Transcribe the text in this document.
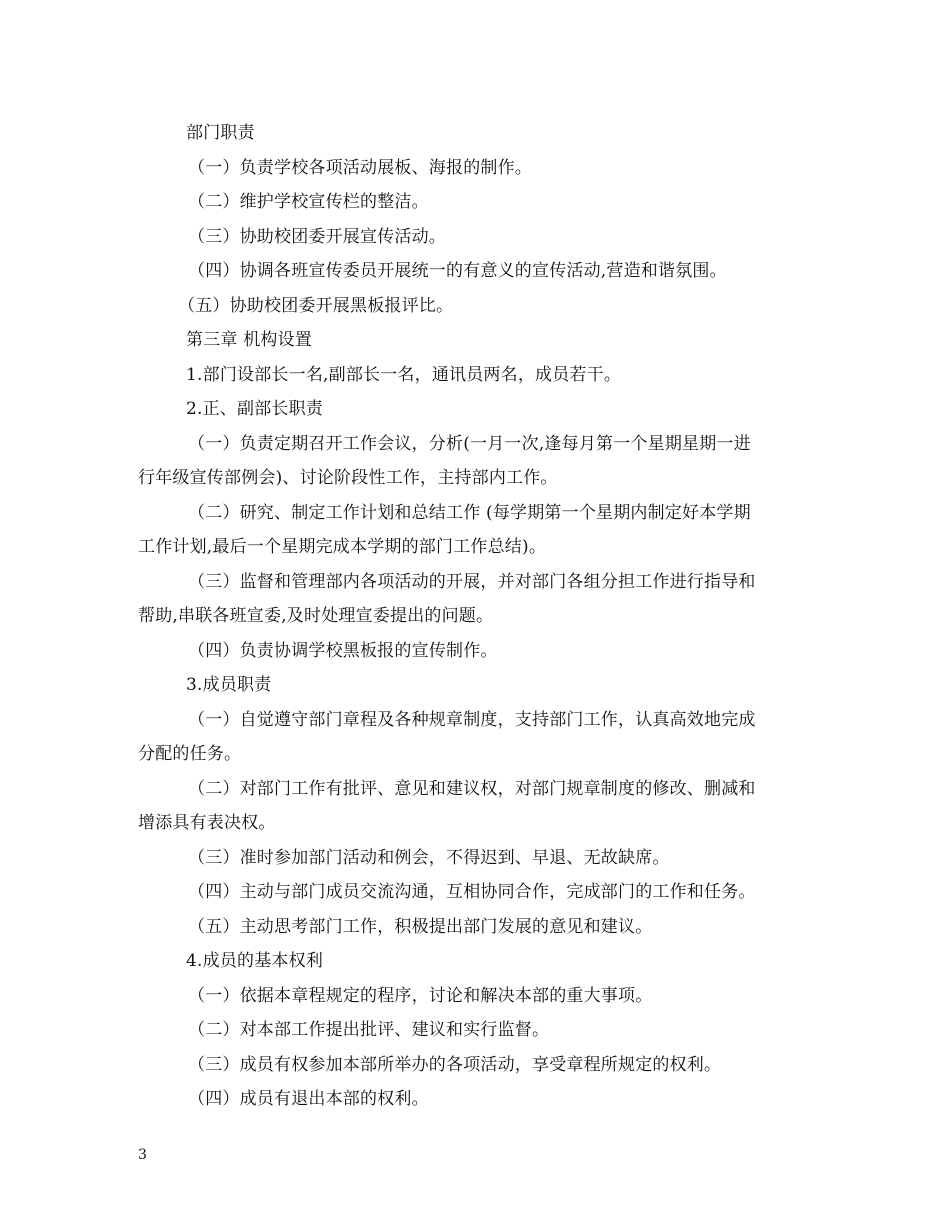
部门职责
（一）负责学校各项活动展板、海报的制作。
（二）维护学校宣传栏的整洁。
（三）协助校团委开展宣传活动。
（四）协调各班宣传委员开展统一的有意义的宣传活动,营造和谐氛围。
（五）协助校团委开展黑板报评比。
第三章 机构设置
1.部门设部长一名,副部长一名，通讯员两名，成员若干。
2.正、副部长职责
（一）负责定期召开工作会议，分析(一月一次,逢每月第一个星期星期一进
行年级宣传部例会)、讨论阶段性工作，主持部内工作。
（二）研究、制定工作计划和总结工作 (每学期第一个星期内制定好本学期
工作计划,最后一个星期完成本学期的部门工作总结)。
（三）监督和管理部内各项活动的开展，并对部门各组分担工作进行指导和
帮助,串联各班宣委,及时处理宣委提出的问题。
（四）负责协调学校黑板报的宣传制作。
3.成员职责
（一）自觉遵守部门章程及各种规章制度，支持部门工作，认真高效地完成
分配的任务。
（二）对部门工作有批评、意见和建议权，对部门规章制度的修改、删减和
增添具有表决权。
（三）准时参加部门活动和例会，不得迟到、早退、无故缺席。
（四）主动与部门成员交流沟通，互相协同合作，完成部门的工作和任务。
（五）主动思考部门工作，积极提出部门发展的意见和建议。
4.成员的基本权利
（一）依据本章程规定的程序，讨论和解决本部的重大事项。
（二）对本部工作提出批评、建议和实行监督。
（三）成员有权参加本部所举办的各项活动，享受章程所规定的权利。
（四）成员有退出本部的权利。
3
